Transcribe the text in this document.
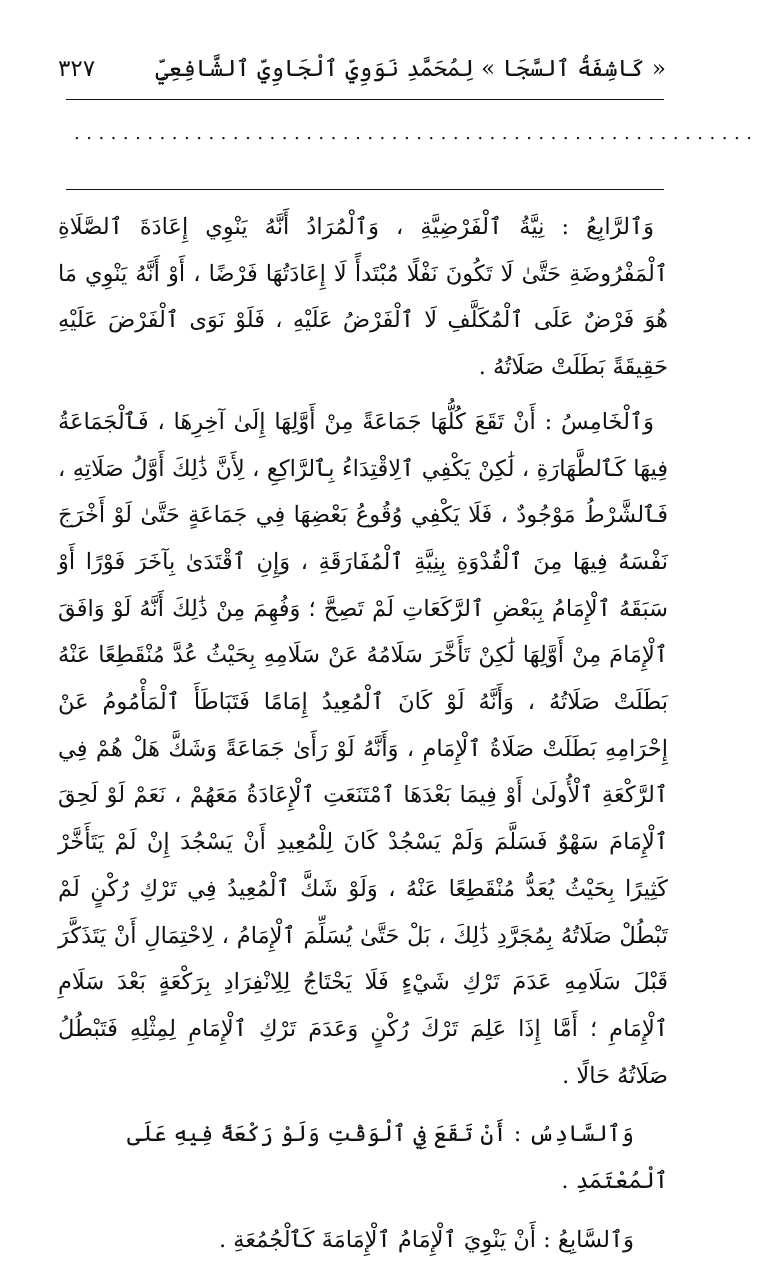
« كَاشِفَةُ ٱلسَّجَا » لِمُحَمَّدِ نَوَوِيِّ ٱلْجَاوِيِّ ٱلشَّافِعِيِّ
٣٢٧
........................................................

وَٱلرَّابِعُ : نِيَّةُ ٱلْفَرْضِيَّةِ ، وَٱلْمُرَادُ أَنَّهُ يَنْوِي إِعَادَةَ ٱلصَّلَاةِ ٱلْمَفْرُوضَةِ حَتَّىٰ لَا تَكُونَ نَفْلًا مُبْتَدأً لَا إِعَادَتُهَا فَرْضًا ، أَوْ أَنَّهُ يَنْوِي مَا هُوَ فَرْضٌ عَلَى ٱلْمُكَلَّفِ لَا ٱلْفَرْضُ عَلَيْهِ ، فَلَوْ نَوَى ٱلْفَرْضَ عَلَيْهِ حَقِيقَةً بَطَلَتْ صَلَاتُهُ .

وَٱلْخَامِسُ : أَنْ تَقَعَ كُلُّهَا جَمَاعَةً مِنْ أَوَّلِهَا إِلَىٰ آخِرِهَا ، فَٱلْجَمَاعَةُ فِيهَا كَٱلطَّهَارَةِ ، لَٰكِنْ يَكْفِي ٱلِاقْتِدَاءُ بِٱلرَّاكِعِ ، لِأَنَّ ذَٰلِكَ أَوَّلُ صَلَاتِهِ ، فَٱلشَّرْطُ مَوْجُودٌ ، فَلَا يَكْفِي وُقُوعُ بَعْضِهَا فِي جَمَاعَةٍ حَتَّىٰ لَوْ أَخْرَجَ نَفْسَهُ فِيهَا مِنَ ٱلْقُدْوَةِ بِنِيَّةِ ٱلْمُفَارَقَةِ ، وَإِنِ ٱقْتَدَىٰ بِآخَرَ فَوْرًا أَوْ سَبَقَهُ ٱلْإِمَامُ بِبَعْضِ ٱلرَّكَعَاتِ لَمْ تَصِحَّ ؛ وَفُهِمَ مِنْ ذَٰلِكَ أَنَّهُ لَوْ وَافَقَ ٱلْإِمَامَ مِنْ أَوَّلِهَا لَٰكِنْ تَأَخَّرَ سَلَامُهُ عَنْ سَلَامِهِ بِحَيْثُ عُدَّ مُنْقَطِعًا عَنْهُ بَطَلَتْ صَلَاتُهُ ، وَأَنَّهُ لَوْ كَانَ ٱلْمُعِيدُ إِمَامًا فَتَبَاطَأَ ٱلْمَأْمُومُ عَنْ إِحْرَامِهِ بَطَلَتْ صَلَاةُ ٱلْإِمَامِ ، وَأَنَّهُ لَوْ رَأَىٰ جَمَاعَةً وَشَكَّ هَلْ هُمْ فِي ٱلرَّكْعَةِ ٱلْأُولَىٰ أَوْ فِيمَا بَعْدَهَا ٱمْتَنَعَتِ ٱلْإِعَادَةُ مَعَهُمْ ، نَعَمْ لَوْ لَحِقَ ٱلْإِمَامَ سَهْوٌ فَسَلَّمَ وَلَمْ يَسْجُدْ كَانَ لِلْمُعِيدِ أَنْ يَسْجُدَ إِنْ لَمْ يَتَأَخَّرْ كَثِيرًا بِحَيْثُ يُعَدُّ مُنْقَطِعًا عَنْهُ ، وَلَوْ شَكَّ ٱلْمُعِيدُ فِي تَرْكِ رُكْنٍ لَمْ تَبْطُلْ صَلَاتُهُ بِمُجَرَّدِ ذَٰلِكَ ، بَلْ حَتَّىٰ يُسَلِّمَ ٱلْإِمَامُ ، لِاحْتِمَالِ أَنْ يَتَذَكَّرَ قَبْلَ سَلَامِهِ عَدَمَ تَرْكِ شَيْءٍ فَلَا يَحْتَاجُ لِلِانْفِرَادِ بِرَكْعَةٍ بَعْدَ سَلَامِ ٱلْإِمَامِ ؛ أَمَّا إِذَا عَلِمَ تَرْكَ رُكْنٍ وَعَدَمَ تَرْكِ ٱلْإِمَامِ لِمِثْلِهِ فَتَبْطُلُ صَلَاتُهُ حَالًا .

وَٱلسَّادِسُ : أَنْ تَقَعَ فِي ٱلْوَقْتِ وَلَوْ رَكْعَةً فِيهِ عَلَى ٱلْمُعْتَمَدِ .

وَٱلسَّابِعُ : أَنْ يَنْوِيَ ٱلْإِمَامُ ٱلْإِمَامَةَ كَٱلْجُمُعَةِ .
